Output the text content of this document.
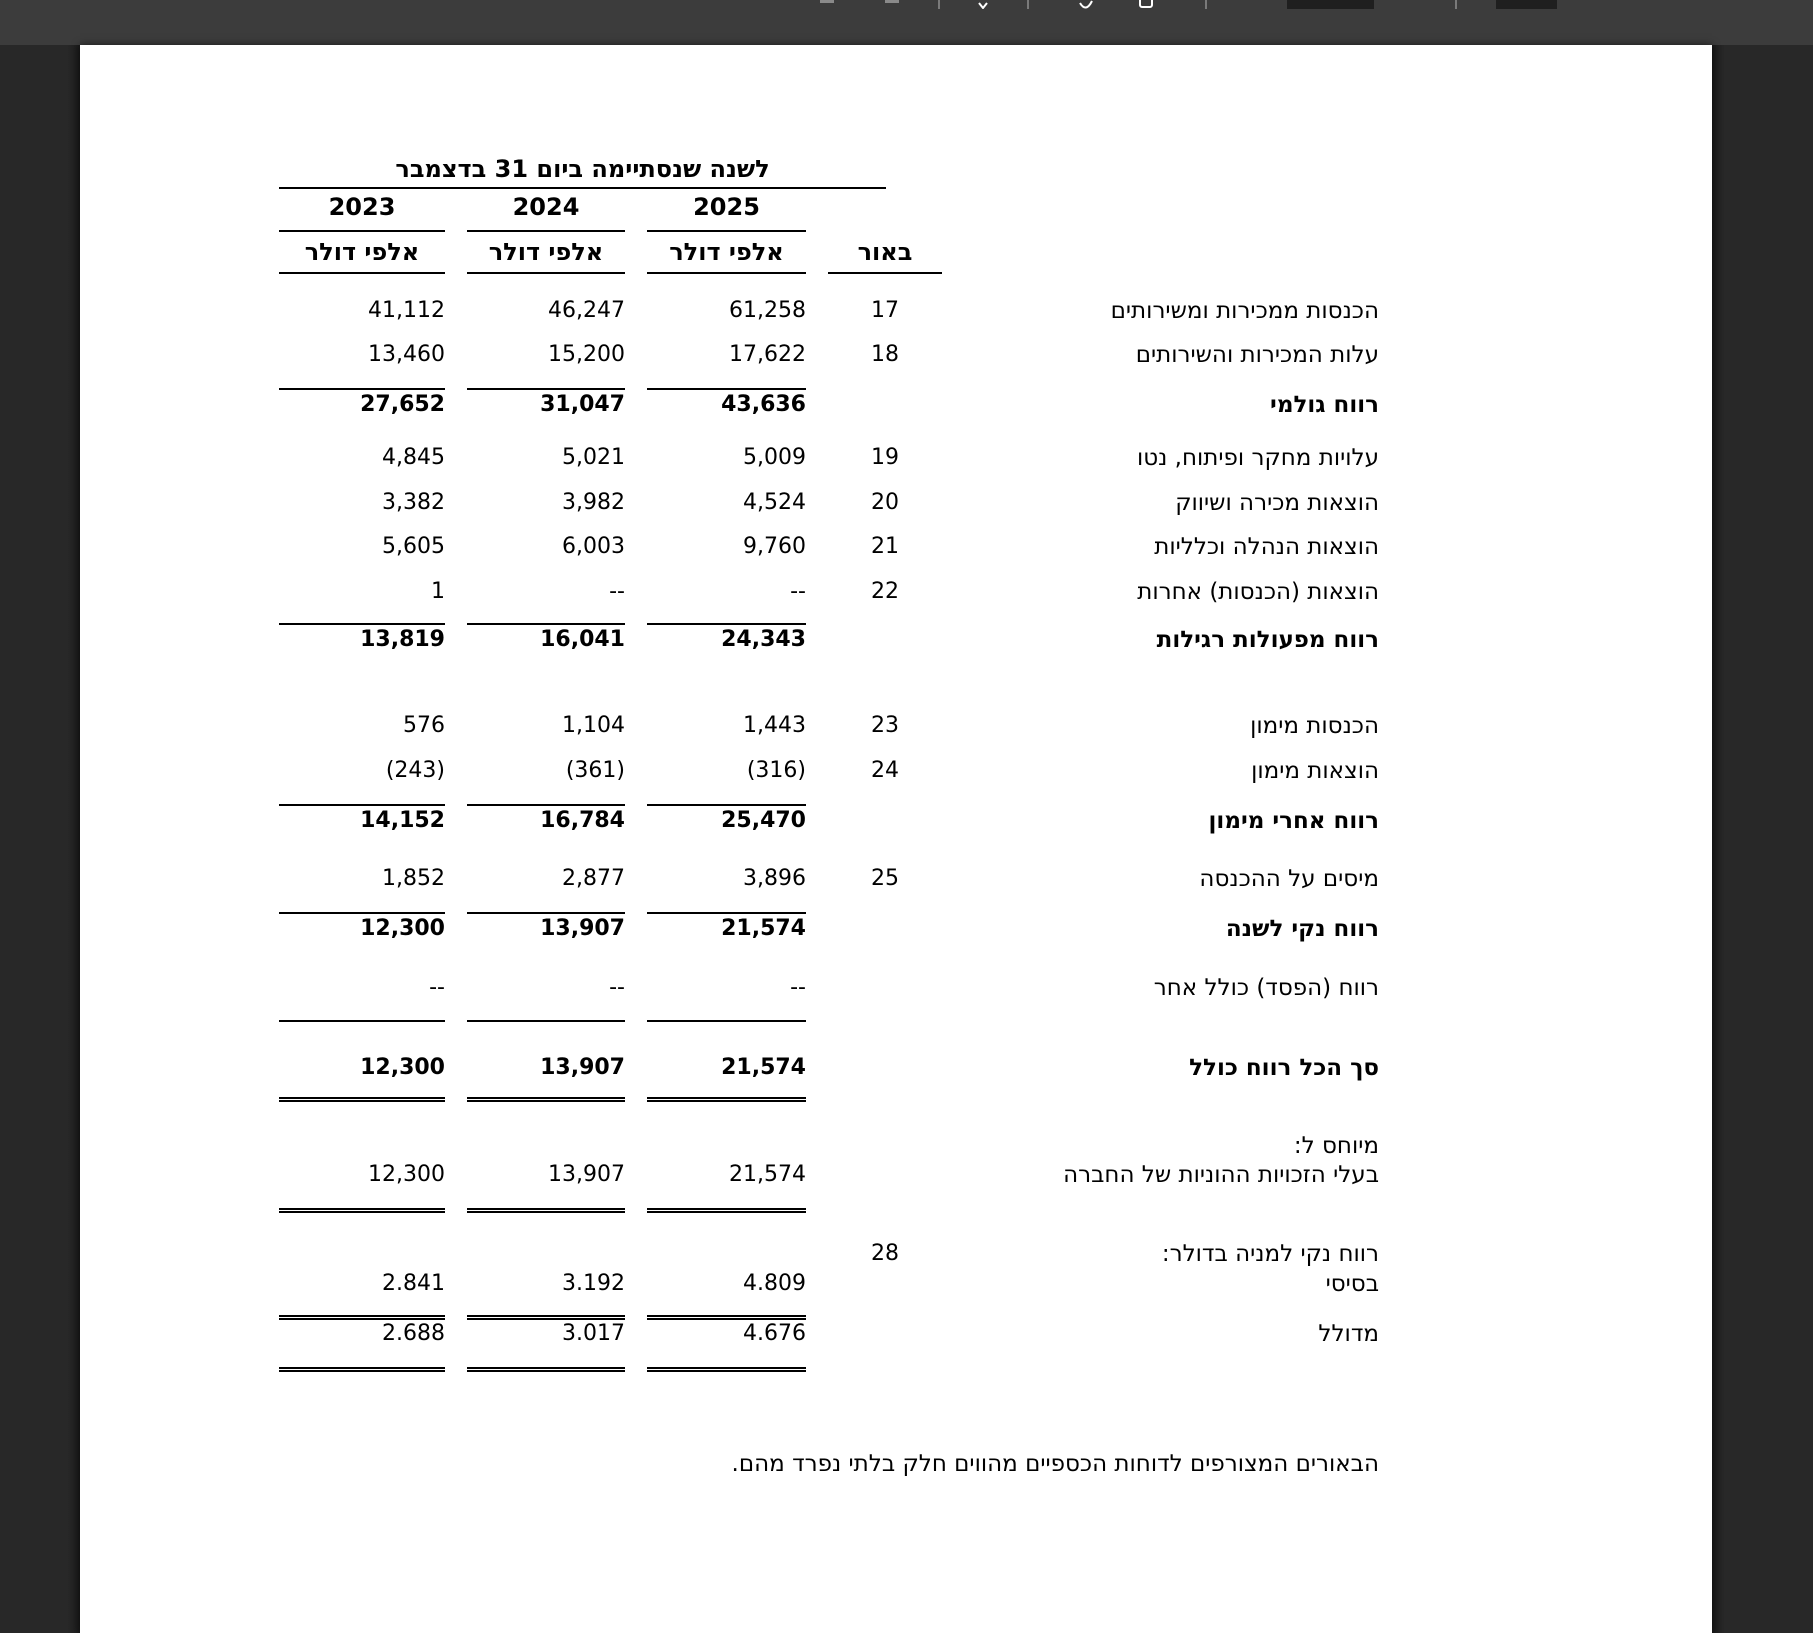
לשנה שנסתיימה ביום 31 בדצמבר
2025
2024
2023
אלפי דולר
אלפי דולר
אלפי דולר	באור
הכנסות ממכירות ומשירותים
17
61,258
46,247
41,112
עלות המכירות והשירותים
18
17,622
15,200
13,460
רווח גולמי
43,636
31,047
27,652
עלויות מחקר ופיתוח, נטו
19
5,009
5,021
4,845
הוצאות מכירה ושיווק
20
4,524
3,982
3,382
הוצאות הנהלה וכלליות
21
9,760
6,003
5,605
הוצאות (הכנסות) אחרות
22
--
--
1
רווח מפעולות רגילות
24,343
16,041
13,819
הכנסות מימון
23
1,443
1,104
576
הוצאות מימון
24
(316)
(361)
(243)
רווח אחרי מימון
25,470
16,784
14,152
מיסים על ההכנסה
25
3,896
2,877
1,852
רווח נקי לשנה
21,574
13,907
12,300
רווח (הפסד) כולל אחר
--
--
--
סך הכל רווח כולל
21,574
13,907
12,300
מיוחס ל:
בעלי הזכויות ההוניות של החברה
21,574
13,907
12,300
רווח נקי למניה בדולר:
28
בסיסי
4.809
3.192
2.841
מדולל
4.676
3.017
2.688
הבאורים המצורפים לדוחות הכספיים מהווים חלק בלתי נפרד מהם.
